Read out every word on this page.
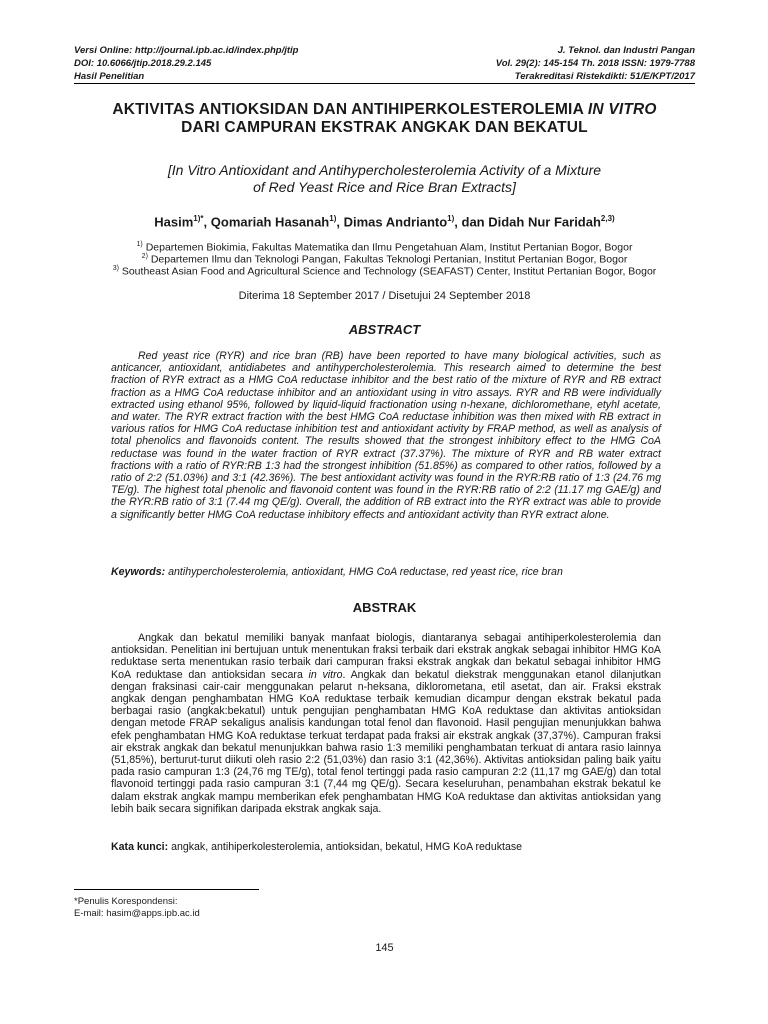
Versi Online: http://journal.ipb.ac.id/index.php/jtip	J. Teknol. dan Industri Pangan
DOI: 10.6066/jtip.2018.29.2.145	Vol. 29(2): 145-154 Th. 2018 ISSN: 1979-7788
Hasil Penelitian	Terakreditasi Ristekdikti: 51/E/KPT/2017
AKTIVITAS ANTIOKSIDAN DAN ANTIHIPERKOLESTEROLEMIA IN VITRO
DARI CAMPURAN EKSTRAK ANGKAK DAN BEKATUL
[In Vitro Antioxidant and Antihypercholesterolemia Activity of a Mixture
of Red Yeast Rice and Rice Bran Extracts]
Hasim$^{1)*}$, Qomariah Hasanah$^{1)}$, Dimas Andrianto$^{1)}$, dan Didah Nur Faridah$^{2,3)}$
$^{1)}$ Departemen Biokimia, Fakultas Matematika dan Ilmu Pengetahuan Alam, Institut Pertanian Bogor, Bogor
$^{2)}$ Departemen Ilmu dan Teknologi Pangan, Fakultas Teknologi Pertanian, Institut Pertanian Bogor, Bogor
$^{3)}$ Southeast Asian Food and Agricultural Science and Technology (SEAFAST) Center, Institut Pertanian Bogor, Bogor
Diterima 18 September 2017 / Disetujui 24 September 2018
ABSTRACT
Red yeast rice (RYR) and rice bran (RB) have been reported to have many biological activities, such as anticancer, antioxidant, antidiabetes and antihypercholesterolemia. This research aimed to determine the best fraction of RYR extract as a HMG CoA reductase inhibitor and the best ratio of the mixture of RYR and RB extract fraction as a HMG CoA reductase inhibitor and an antioxidant using in vitro assays. RYR and RB were individually extracted using ethanol 95%, followed by liquid-liquid fractionation using n-hexane, dichloromethane, etyhl acetate, and water. The RYR extract fraction with the best HMG CoA reductase inhibition was then mixed with RB extract in various ratios for HMG CoA reductase inhibition test and antioxidant activity by FRAP method, as well as analysis of total phenolics and flavonoids content. The results showed that the strongest inhibitory effect to the HMG CoA reductase was found in the water fraction of RYR extract (37.37%). The mixture of RYR and RB water extract fractions with a ratio of RYR:RB 1:3 had the strongest inhibition (51.85%) as compared to other ratios, followed by a ratio of 2:2 (51.03%) and 3:1 (42.36%). The best antioxidant activity was found in the RYR:RB ratio of 1:3 (24.76 mg TE/g). The highest total phenolic and flavonoid content was found in the RYR:RB ratio of 2:2 (11.17 mg GAE/g) and the RYR:RB ratio of 3:1 (7.44 mg QE/g). Overall, the addition of RB extract into the RYR extract was able to provide a significantly better HMG CoA reductase inhibitory effects and antioxidant activity than RYR extract alone.
Keywords: antihypercholesterolemia, antioxidant, HMG CoA reductase, red yeast rice, rice bran
ABSTRAK
Angkak dan bekatul memiliki banyak manfaat biologis, diantaranya sebagai antihiperkolesterolemia dan antioksidan. Penelitian ini bertujuan untuk menentukan fraksi terbaik dari ekstrak angkak sebagai inhibitor HMG KoA reduktase serta menentukan rasio terbaik dari campuran fraksi ekstrak angkak dan bekatul sebagai inhibitor HMG KoA reduktase dan antioksidan secara in vitro. Angkak dan bekatul diekstrak menggunakan etanol dilanjutkan dengan fraksinasi cair-cair menggunakan pelarut n-heksana, diklorometana, etil asetat, dan air. Fraksi ekstrak angkak dengan penghambatan HMG KoA reduktase terbaik kemudian dicampur dengan ekstrak bekatul pada berbagai rasio (angkak:bekatul) untuk pengujian penghambatan HMG KoA reduktase dan aktivitas antioksidan dengan metode FRAP sekaligus analisis kandungan total fenol dan flavonoid. Hasil pengujian menunjukkan bahwa efek penghambatan HMG KoA reduktase terkuat terdapat pada fraksi air ekstrak angkak (37,37%). Campuran fraksi air ekstrak angkak dan bekatul menunjukkan bahwa rasio 1:3 memiliki penghambatan terkuat di antara rasio lainnya (51,85%), berturut-turut diikuti oleh rasio 2:2 (51,03%) dan rasio 3:1 (42,36%). Aktivitas antioksidan paling baik yaitu pada rasio campuran 1:3 (24,76 mg TE/g), total fenol tertinggi pada rasio campuran 2:2 (11,17 mg GAE/g) dan total flavonoid tertinggi pada rasio campuran 3:1 (7,44 mg QE/g). Secara keseluruhan, penambahan ekstrak bekatul ke dalam ekstrak angkak mampu memberikan efek penghambatan HMG KoA reduktase dan aktivitas antioksidan yang lebih baik secara signifikan daripada ekstrak angkak saja.
Kata kunci: angkak, antihiperkolesterolemia, antioksidan, bekatul, HMG KoA reduktase
*Penulis Korespondensi:
E-mail: hasim@apps.ipb.ac.id
145
